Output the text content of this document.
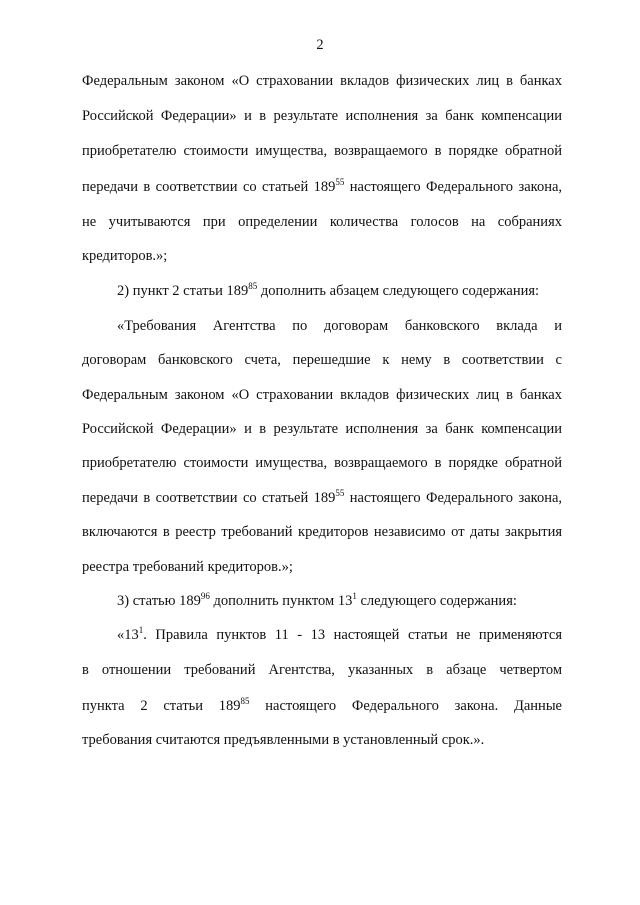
2
Федеральным законом «О страховании вкладов физических лиц в банках
Российской Федерации» и в результате исполнения за банк компенсации
приобретателю стоимости имущества, возвращаемого в порядке обратной
передачи в соответствии со статьей $189^{55}$ настоящего Федерального закона,
не учитываются при определении количества голосов на собраниях
кредиторов.»;
2) пункт 2 статьи $189^{85}$ дополнить абзацем следующего содержания:
«Требования Агентства по договорам банковского вклада и
договорам банковского счета, перешедшие к нему в соответствии с
Федеральным законом «О страховании вкладов физических лиц в банках
Российской Федерации» и в результате исполнения за банк компенсации
приобретателю стоимости имущества, возвращаемого в порядке обратной
передачи в соответствии со статьей $189^{55}$ настоящего Федерального закона,
включаются в реестр требований кредиторов независимо от даты закрытия
реестра требований кредиторов.»;
3) статью $189^{96}$ дополнить пунктом $13^1$ следующего содержания:
«$13^1$. Правила пунктов 11 - 13 настоящей статьи не применяются
в отношении требований Агентства, указанных в абзаце четвертом
пункта 2 статьи $189^{85}$ настоящего Федерального закона. Данные
требования считаются предъявленными в установленный срок.».
